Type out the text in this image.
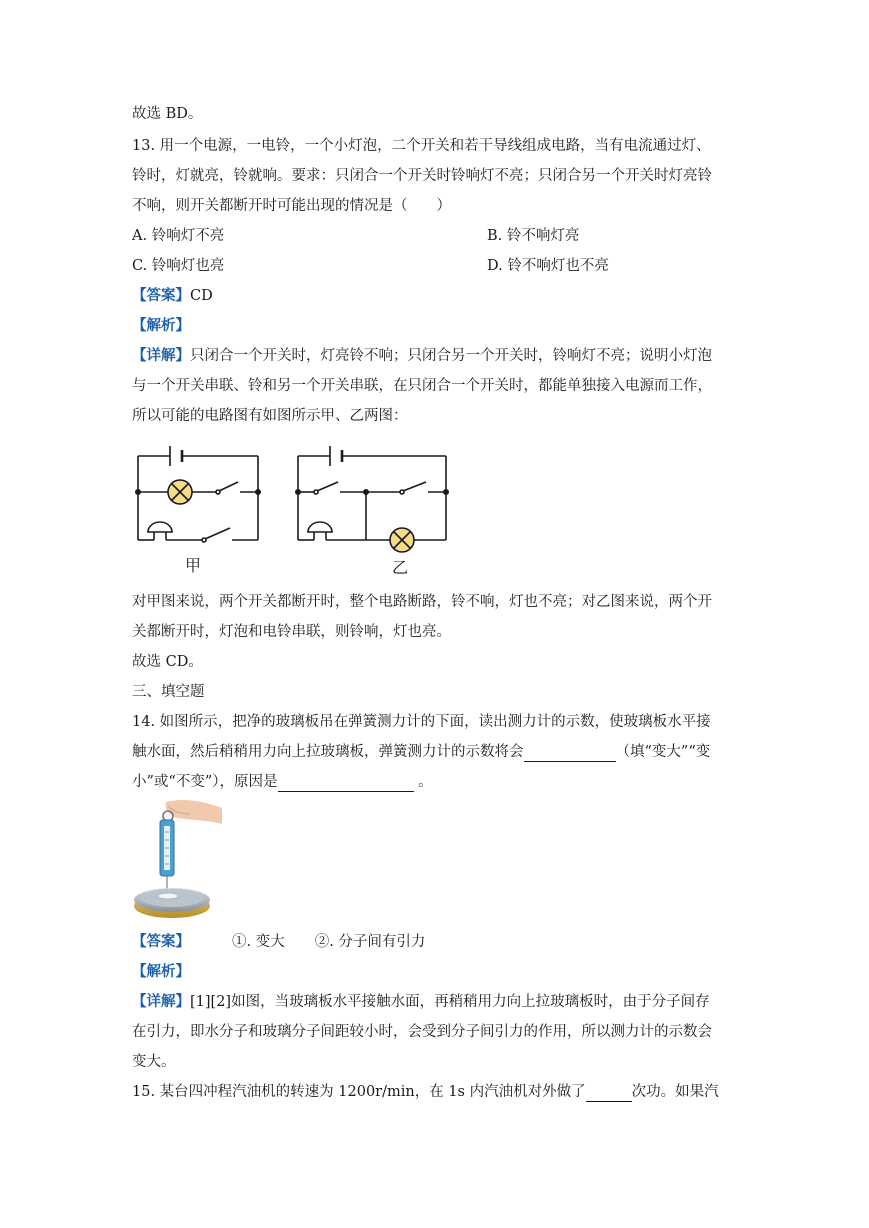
故选 BD。
13. 用一个电源，一电铃，一个小灯泡，二个开关和若干导线组成电路，当有电流通过灯、
铃时，灯就亮，铃就响。要求：只闭合一个开关时铃响灯不亮；只闭合另一个开关时灯亮铃
不响，则开关都断开时可能出现的情况是（　　）
A. 铃响灯不亮	B. 铃不响灯亮
C. 铃响灯也亮	D. 铃不响灯也不亮
【答案】CD
【解析】
【详解】只闭合一个开关时，灯亮铃不响；只闭合另一个开关时，铃响灯不亮；说明小灯泡
与一个开关串联、铃和另一个开关串联，在只闭合一个开关时，都能单独接入电源而工作，
所以可能的电路图有如图所示甲、乙两图：
甲	乙
对甲图来说，两个开关都断开时，整个电路断路，铃不响，灯也不亮；对乙图来说，两个开
关都断开时，灯泡和电铃串联，则铃响，灯也亮。
故选 CD。
三、填空题
14. 如图所示，把净的玻璃板吊在弹簧测力计的下面，读出测力计的示数，使玻璃板水平接
触水面，然后稍稍用力向上拉玻璃板，弹簧测力计的示数将会	（填“变大”“变
小”或“不变”），原因是	。
【答案】	①. 变大 ②. 分子间有引力
【解析】
【详解】[1][2]如图，当玻璃板水平接触水面，再稍稍用力向上拉玻璃板时，由于分子间存
在引力，即水分子和玻璃分子间距较小时，会受到分子间引力的作用，所以测力计的示数会
变大。
15. 某台四冲程汽油机的转速为 1200r/min，在 1s 内汽油机对外做了	次功。如果汽
